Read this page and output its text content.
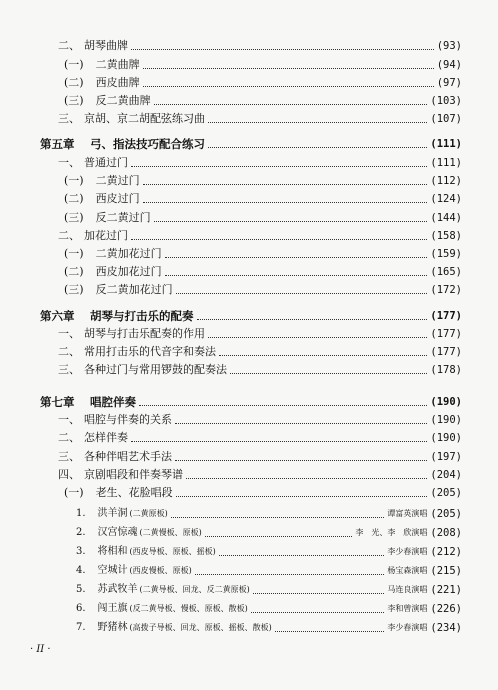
二、 胡琴曲牌	(93)
(一) 二黄曲牌	(94)
(二) 西皮曲牌	(97)
(三) 反二黄曲牌	(103)
三、 京胡、京二胡配弦练习曲	(107)
第五章	弓、指法技巧配合练习	(111)
一、 普通过门	(111)
(一) 二黄过门	(112)
(二) 西皮过门	(124)
(三) 反二黄过门	(144)
二、 加花过门	(158)
(一) 二黄加花过门	(159)
(二) 西皮加花过门	(165)
(三) 反二黄加花过门	(172)
第六章	胡琴与打击乐的配奏	(177)
一、 胡琴与打击乐配奏的作用	(177)
二、 常用打击乐的代音字和奏法	(177)
三、 各种过门与常用锣鼓的配奏法	(178)
第七章	唱腔伴奏	(190)
一、 唱腔与伴奏的关系	(190)
二、 怎样伴奏	(190)
三、 各种伴唱艺术手法	(197)
四、 京剧唱段和伴奏琴谱	(204)
(一) 老生、花脸唱段	(205)
1. 洪羊洞 (二黄原板)	谭富英演唱 (205)
2. 汉宫惊魂 (二黄慢板、原板)	李　光、李　欣演唱 (208)
3. 将相和 (西皮导板、原板、摇板)	李少春演唱 (212)
4. 空城计 (西皮慢板、原板)	杨宝森演唱 (215)
5. 苏武牧羊 (二黄导板、回龙、反二黄原板)	马连良演唱 (221)
6. 闯王旗 (反二黄导板、慢板、原板、散板)	李和曾演唱 (226)
7. 野猪林 (高拨子导板、回龙、原板、摇板、散板)	李少春演唱 (234)
· II ·
